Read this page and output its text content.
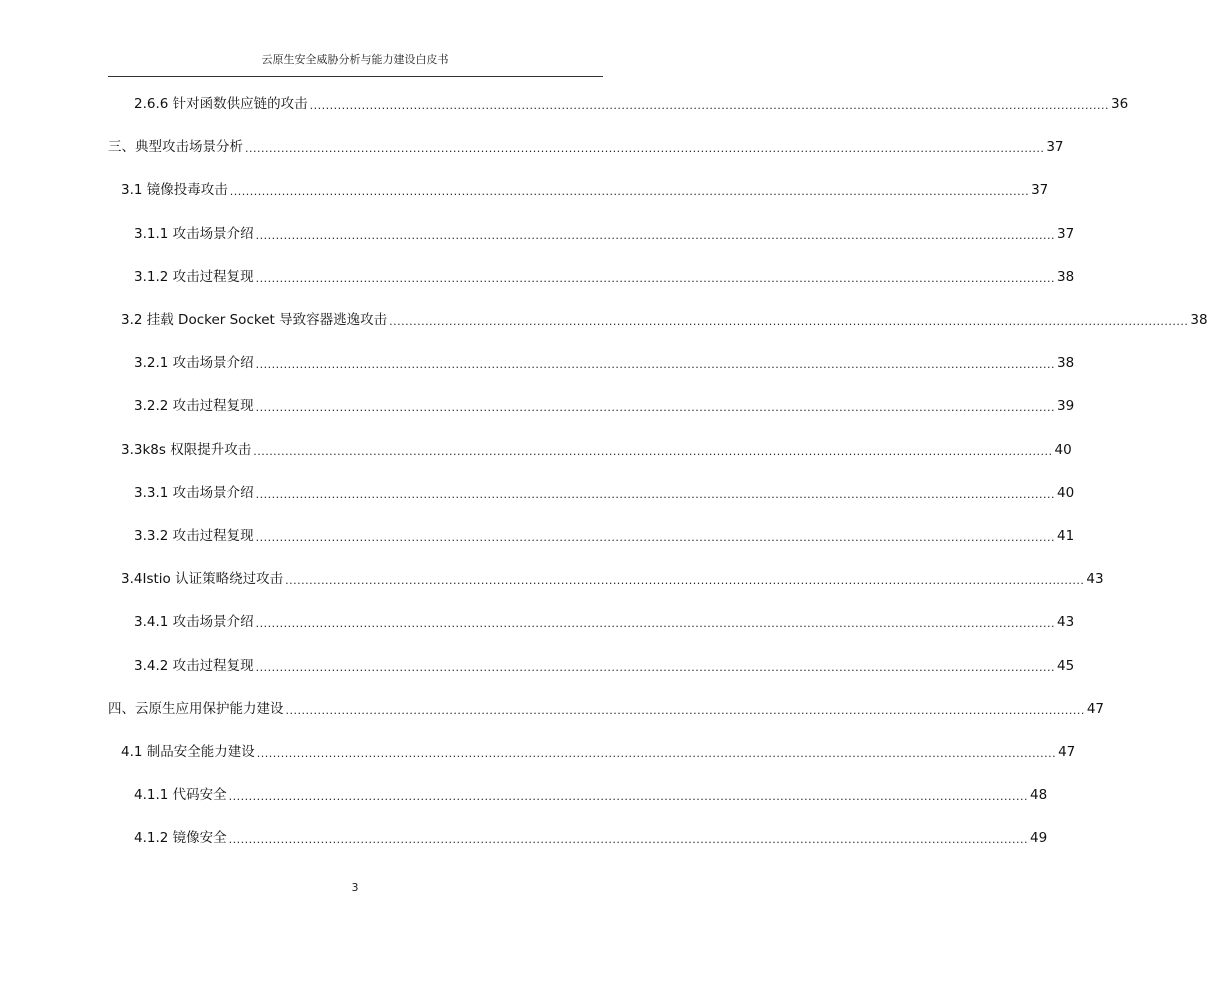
云原生安全威胁分析与能力建设白皮书
2.6.6 针对函数供应链的攻击 ........................................................................................................................................................................................................ 36
三、典型攻击场景分析 ........................................................................................................................................................................................................ 37
3.1 镜像投毒攻击 ........................................................................................................................................................................................................ 37
3.1.1 攻击场景介绍 ........................................................................................................................................................................................................ 37
3.1.2 攻击过程复现 ........................................................................................................................................................................................................ 38
3.2 挂载 Docker Socket 导致容器逃逸攻击 ........................................................................................................................................................................................................ 38
3.2.1 攻击场景介绍 ........................................................................................................................................................................................................ 38
3.2.2 攻击过程复现 ........................................................................................................................................................................................................ 39
3.3k8s 权限提升攻击 ........................................................................................................................................................................................................ 40
3.3.1 攻击场景介绍 ........................................................................................................................................................................................................ 40
3.3.2 攻击过程复现 ........................................................................................................................................................................................................ 41
3.4Istio 认证策略绕过攻击 ........................................................................................................................................................................................................ 43
3.4.1 攻击场景介绍 ........................................................................................................................................................................................................ 43
3.4.2 攻击过程复现 ........................................................................................................................................................................................................ 45
四、云原生应用保护能力建设 ........................................................................................................................................................................................................ 47
4.1 制品安全能力建设 ........................................................................................................................................................................................................ 47
4.1.1 代码安全 ........................................................................................................................................................................................................ 48
4.1.2 镜像安全 ........................................................................................................................................................................................................ 49
3
